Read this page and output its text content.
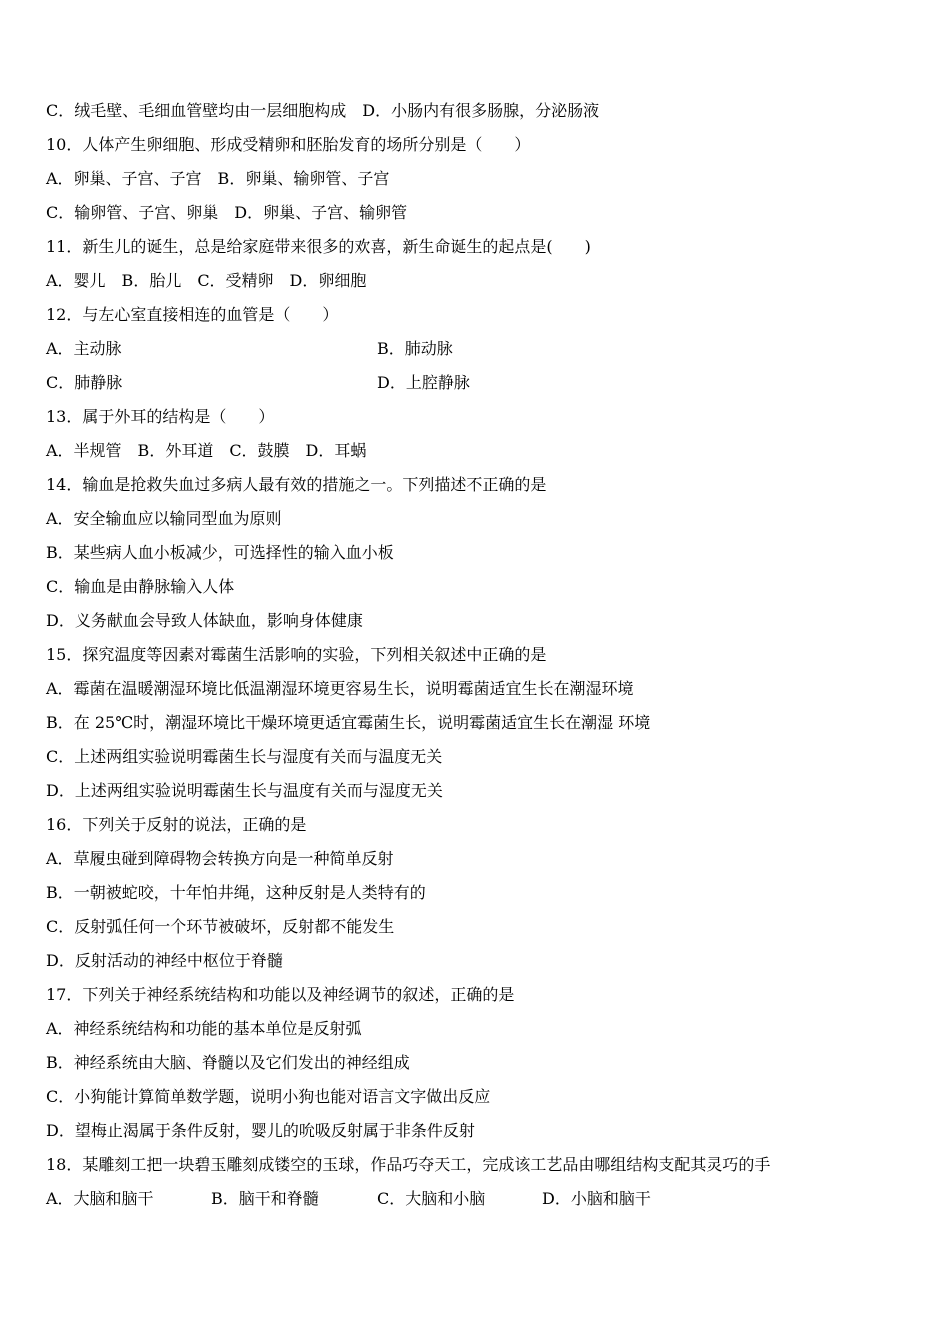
C．绒毛壁、毛细血管壁均由一层细胞构成　D．小肠内有很多肠腺，分泌肠液
10．人体产生卵细胞、形成受精卵和胚胎发育的场所分别是（　　）
A．卵巢、子宫、子宫　B．卵巢、输卵管、子宫
C．输卵管、子宫、卵巢　D．卵巢、子宫、输卵管
11．新生儿的诞生，总是给家庭带来很多的欢喜，新生命诞生的起点是(　　)
A．婴儿　B．胎儿　C．受精卵　D．卵细胞
12．与左心室直接相连的血管是（　　）
A．主动脉	B．肺动脉
C．肺静脉	D．上腔静脉
13．属于外耳的结构是（　　）
A．半规管　B．外耳道　C．鼓膜　D．耳蜗
14．输血是抢救失血过多病人最有效的措施之一。下列描述不正确的是
A．安全输血应以输同型血为原则
B．某些病人血小板减少，可选择性的输入血小板
C．输血是由静脉输入人体
D．义务献血会导致人体缺血，影响身体健康
15．探究温度等因素对霉菌生活影响的实验，下列相关叙述中正确的是
A．霉菌在温暖潮湿环境比低温潮湿环境更容易生长，说明霉菌适宜生长在潮湿环境
B．在 25℃时，潮湿环境比干燥环境更适宜霉菌生长，说明霉菌适宜生长在潮湿 环境
C．上述两组实验说明霉菌生长与湿度有关而与温度无关
D．上述两组实验说明霉菌生长与温度有关而与湿度无关
16．下列关于反射的说法，正确的是
A．草履虫碰到障碍物会转换方向是一种简单反射
B．一朝被蛇咬，十年怕井绳，这种反射是人类特有的
C．反射弧任何一个环节被破坏，反射都不能发生
D．反射活动的神经中枢位于脊髓
17．下列关于神经系统结构和功能以及神经调节的叙述，正确的是
A．神经系统结构和功能的基本单位是反射弧
B．神经系统由大脑、脊髓以及它们发出的神经组成
C．小狗能计算简单数学题，说明小狗也能对语言文字做出反应
D．望梅止渴属于条件反射，婴儿的吮吸反射属于非条件反射
18．某雕刻工把一块碧玉雕刻成镂空的玉球，作品巧夺天工，完成该工艺品由哪组结构支配其灵巧的手
A．大脑和脑干	B．脑干和脊髓	C．大脑和小脑	D．小脑和脑干
